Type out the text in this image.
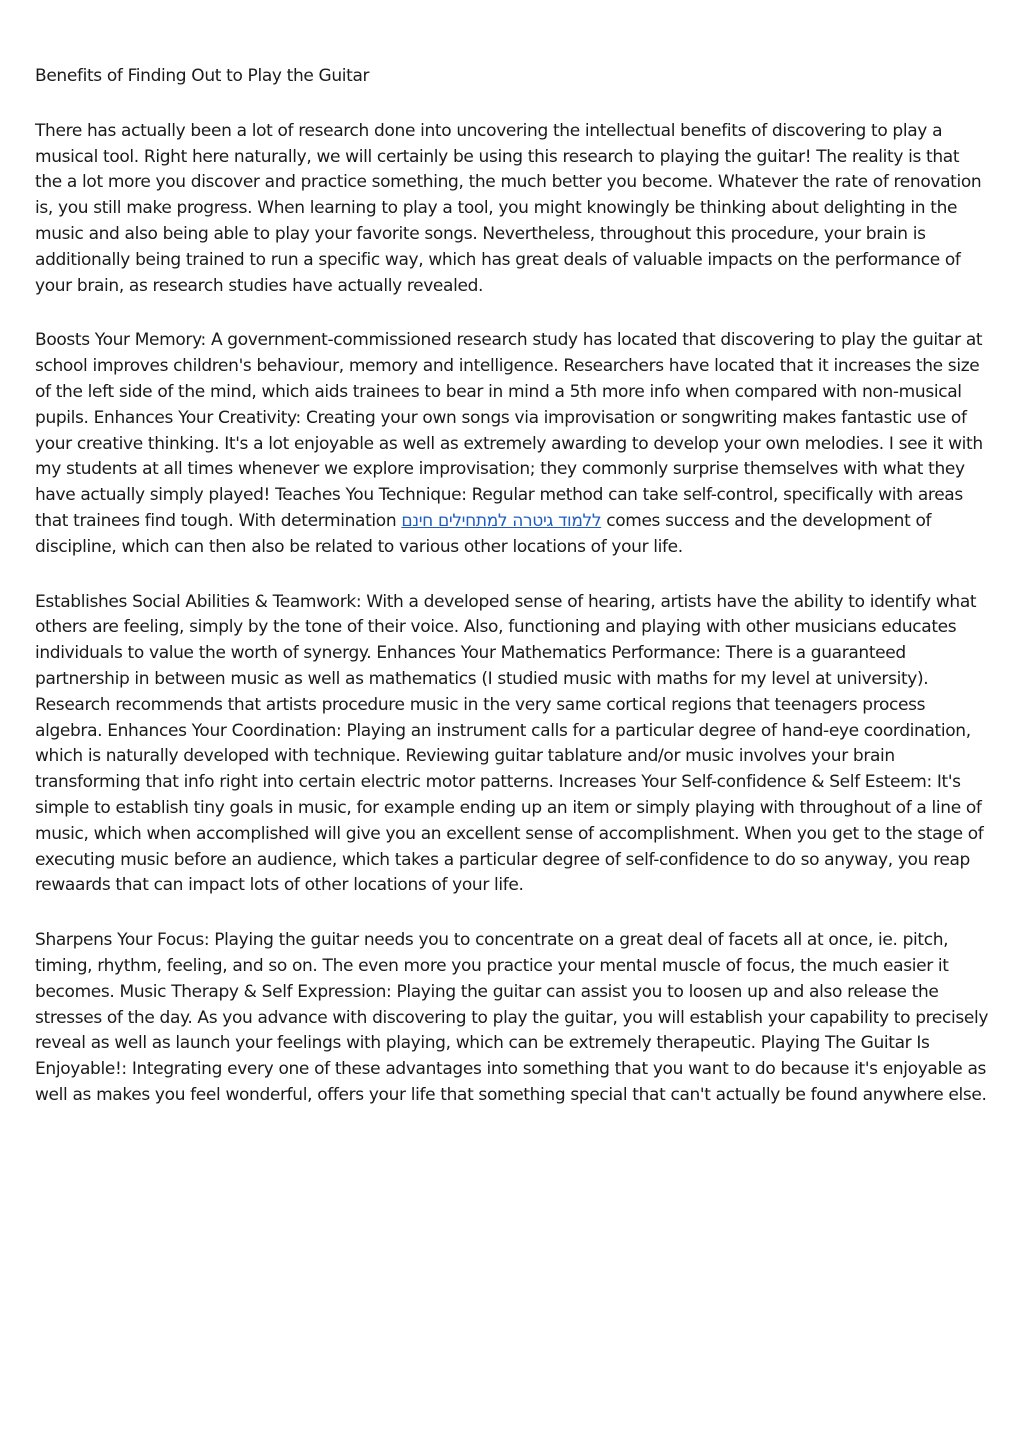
Benefits of Finding Out to Play the Guitar

There has actually been a lot of research done into uncovering the intellectual benefits of discovering to play a musical tool. Right here naturally, we will certainly be using this research to playing the guitar! The reality is that the a lot more you discover and practice something, the much better you become. Whatever the rate of renovation is, you still make progress. When learning to play a tool, you might knowingly be thinking about delighting in the music and also being able to play your favorite songs. Nevertheless, throughout this procedure, your brain is additionally being trained to run a specific way, which has great deals of valuable impacts on the performance of your brain, as research studies have actually revealed.

Boosts Your Memory: A government-commissioned research study has located that discovering to play the guitar at school improves children's behaviour, memory and intelligence. Researchers have located that it increases the size of the left side of the mind, which aids trainees to bear in mind a 5th more info when compared with non-musical pupils. Enhances Your Creativity: Creating your own songs via improvisation or songwriting makes fantastic use of your creative thinking. It's a lot enjoyable as well as extremely awarding to develop your own melodies. I see it with my students at all times whenever we explore improvisation; they commonly surprise themselves with what they have actually simply played! Teaches You Technique: Regular method can take self-control, specifically with areas that trainees find tough. With determination ללמוד גיטרה למתחילים חינם comes success and the development of discipline, which can then also be related to various other locations of your life.

Establishes Social Abilities & Teamwork: With a developed sense of hearing, artists have the ability to identify what others are feeling, simply by the tone of their voice. Also, functioning and playing with other musicians educates individuals to value the worth of synergy. Enhances Your Mathematics Performance: There is a guaranteed partnership in between music as well as mathematics (I studied music with maths for my level at university). Research recommends that artists procedure music in the very same cortical regions that teenagers process algebra. Enhances Your Coordination: Playing an instrument calls for a particular degree of hand-eye coordination, which is naturally developed with technique. Reviewing guitar tablature and/or music involves your brain transforming that info right into certain electric motor patterns. Increases Your Self-confidence & Self Esteem: It's simple to establish tiny goals in music, for example ending up an item or simply playing with throughout of a line of music, which when accomplished will give you an excellent sense of accomplishment. When you get to the stage of executing music before an audience, which takes a particular degree of self-confidence to do so anyway, you reap rewaards that can impact lots of other locations of your life.

Sharpens Your Focus: Playing the guitar needs you to concentrate on a great deal of facets all at once, ie. pitch, timing, rhythm, feeling, and so on. The even more you practice your mental muscle of focus, the much easier it becomes. Music Therapy & Self Expression: Playing the guitar can assist you to loosen up and also release the stresses of the day. As you advance with discovering to play the guitar, you will establish your capability to precisely reveal as well as launch your feelings with playing, which can be extremely therapeutic. Playing The Guitar Is Enjoyable!: Integrating every one of these advantages into something that you want to do because it's enjoyable as well as makes you feel wonderful, offers your life that something special that can't actually be found anywhere else.
